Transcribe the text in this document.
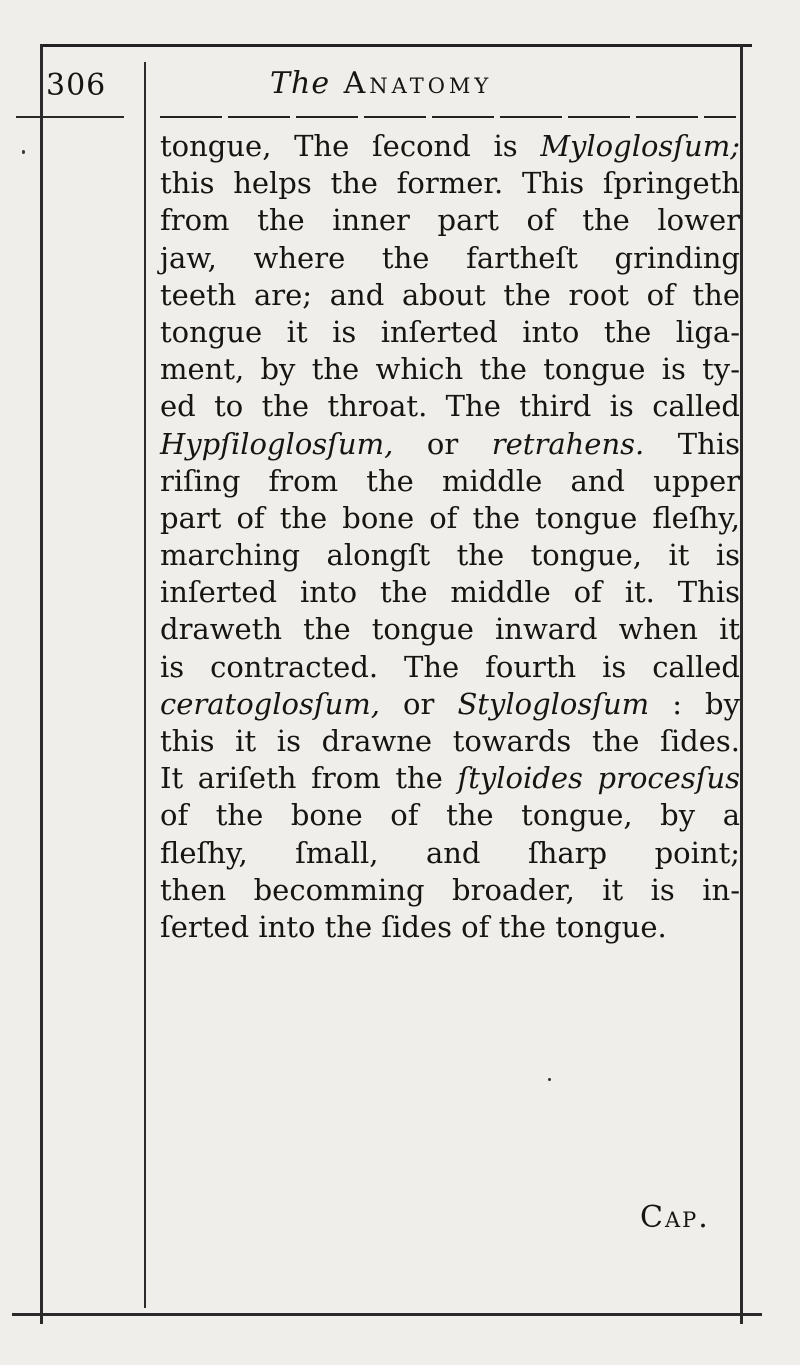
306	The Anatomy
tongue, The ſecond is Myloglosſum;
this helps the former. This ſpringeth
from the inner part of the lower
jaw, where the fartheſt grinding
teeth are; and about the root of the
tongue it is inſerted into the liga-
ment, by the which the tongue is ty-
ed to the throat. The third is called
Hypſiloglosſum, or retrahens. This
riſing from the middle and upper
part of the bone of the tongue fleſhy,
marching alongſt the tongue, it is
inſerted into the middle of it. This
draweth the tongue inward when it
is contracted. The fourth is called
ceratoglosſum, or Styloglosſum : by
this it is drawne towards the ſides.
It ariſeth from the ſtyloides procesſus
of the bone of the tongue, by a
fleſhy, ſmall, and ſharp point;
then becomming broader, it is in-
ſerted into the ſides of the tongue.
Cap.
